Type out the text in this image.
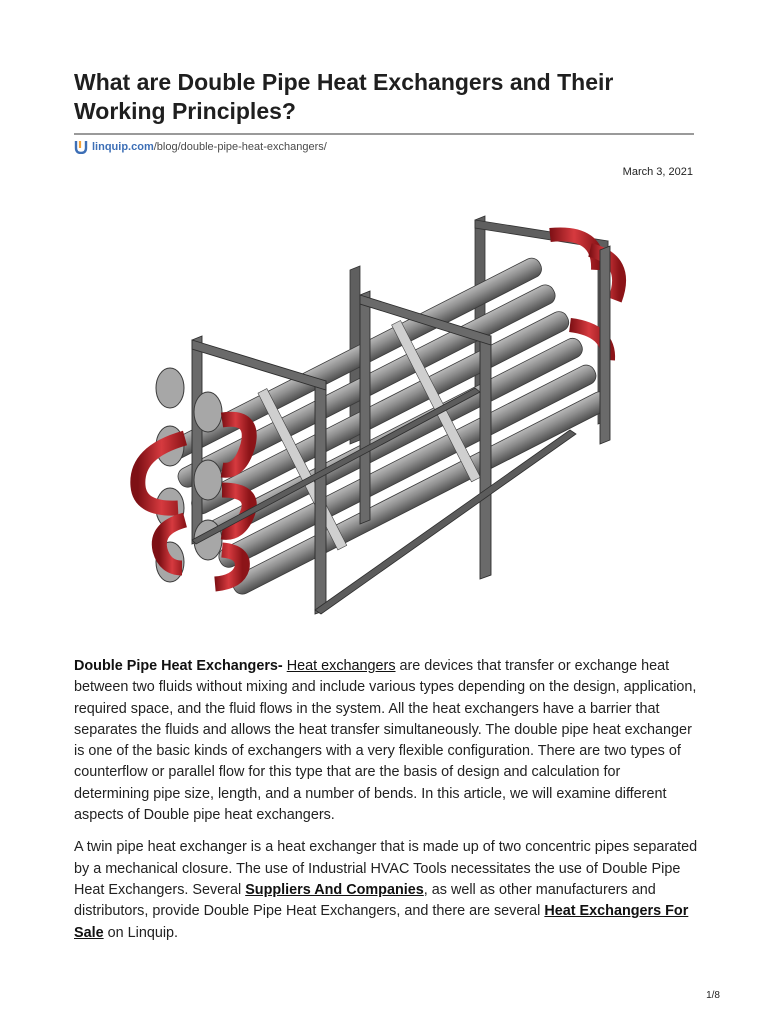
What are Double Pipe Heat Exchangers and Their Working Principles?
linquip.com /blog/double-pipe-heat-exchangers/
March 3, 2021

Double Pipe Heat Exchangers- Heat exchangers are devices that transfer or exchange heat between two fluids without mixing and include various types depending on the design, application, required space, and the fluid flows in the system. All the heat exchangers have a barrier that separates the fluids and allows the heat transfer simultaneously. The double pipe heat exchanger is one of the basic kinds of exchangers with a very flexible configuration. There are two types of counterflow or parallel flow for this type that are the basis of design and calculation for determining pipe size, length, and a number of bends. In this article, we will examine different aspects of Double pipe heat exchangers.

A twin pipe heat exchanger is a heat exchanger that is made up of two concentric pipes separated by a mechanical closure. The use of Industrial HVAC Tools necessitates the use of Double Pipe Heat Exchangers. Several Suppliers And Companies, as well as other manufacturers and distributors, provide Double Pipe Heat Exchangers, and there are several Heat Exchangers For Sale on Linquip.

1/8
